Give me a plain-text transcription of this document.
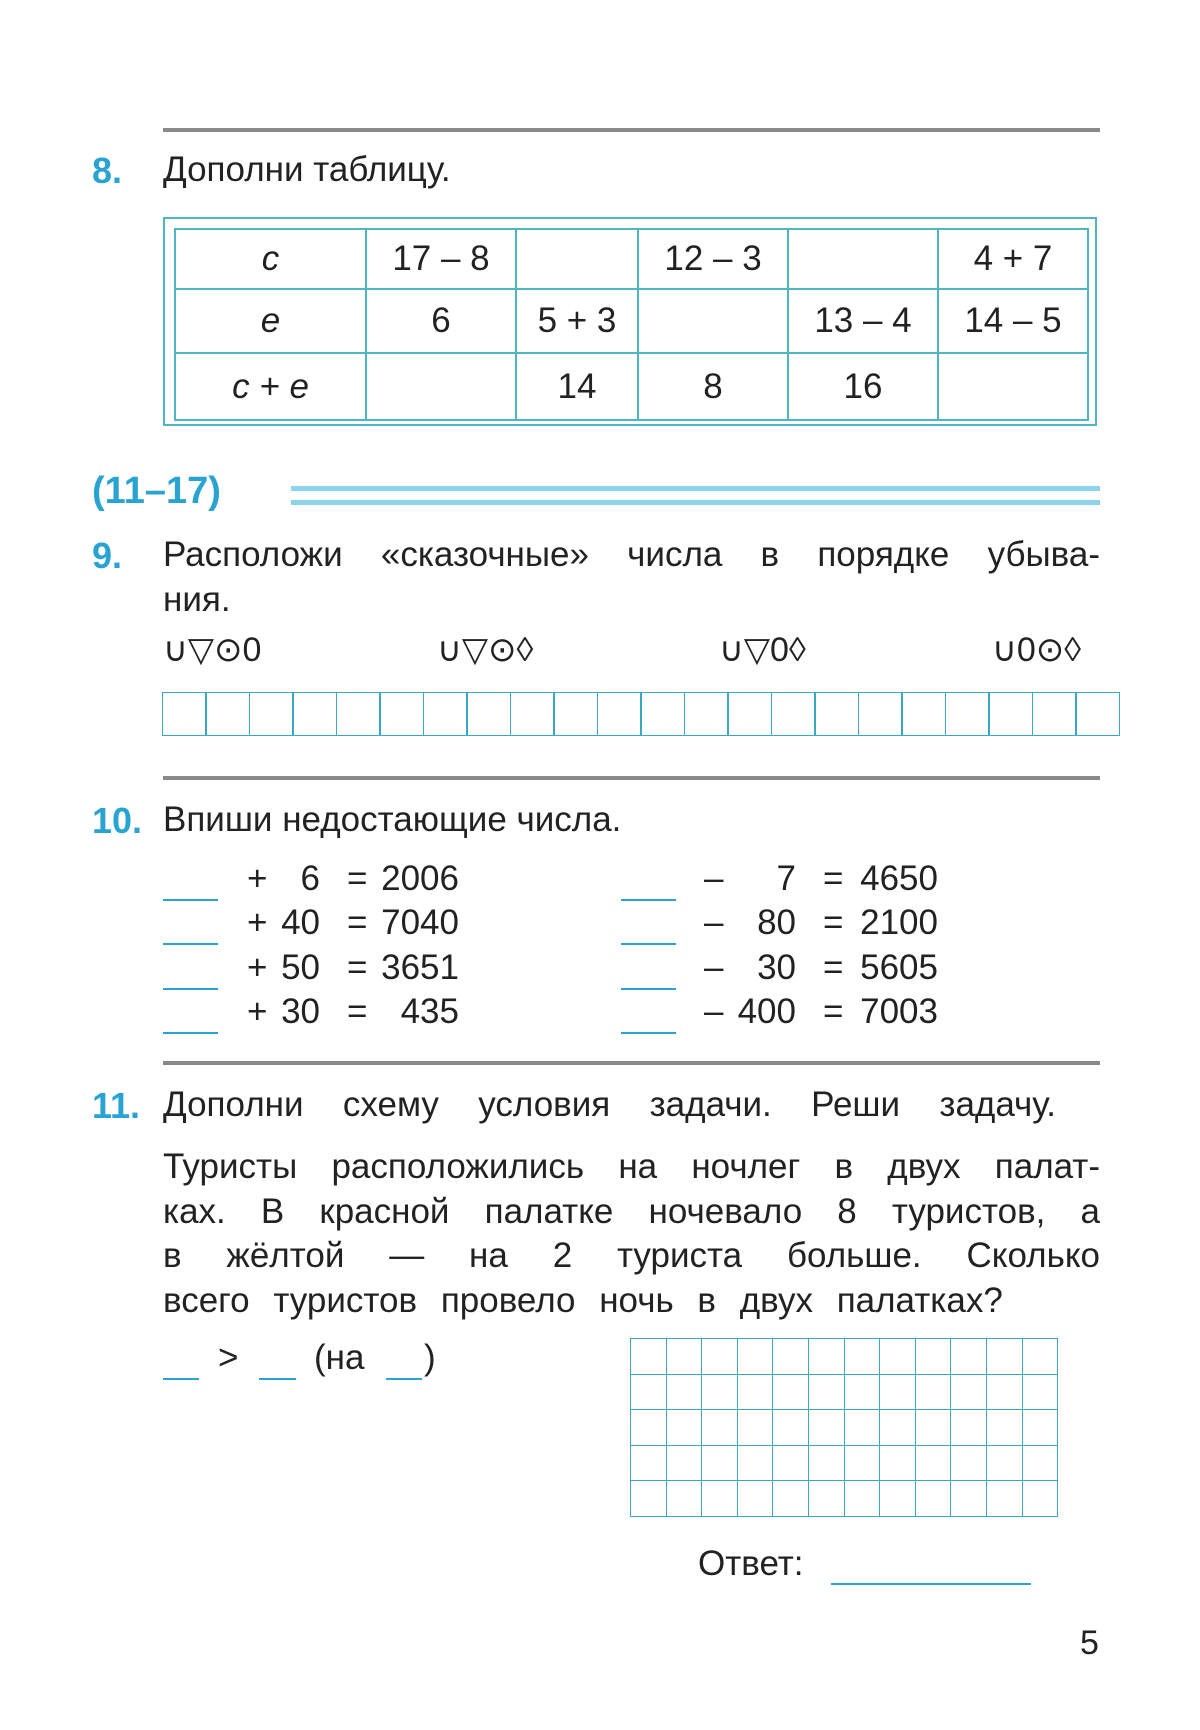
8. Дополни таблицу.
c	17 – 8		12 – 3		4 + 7
e	6	5 + 3		13 – 4	14 – 5
c + e		14	8	16	
(11–17)
9. Расположи «сказочные» числа в порядке убыва-
ния.
∪▽⊙0	∪▽⊙◊	∪▽0◊	∪0⊙◊
10. Впиши недостающие числа.
+ 6 = 2006
+ 40 = 7040
+ 50 = 3651
+ 30 = 435
–	7 = 4650
– 80 = 2100
– 30 = 5605
– 400 = 7003
11. Дополни схему условия задачи. Реши задачу.
Туристы расположились на ночлег в двух палат-
ках. В красной палатке ночевало 8 туристов, а
в жёлтой — на 2 туриста больше. Сколько
всего туристов провело ночь в двух палатках?
> (на )
Ответ:
5
